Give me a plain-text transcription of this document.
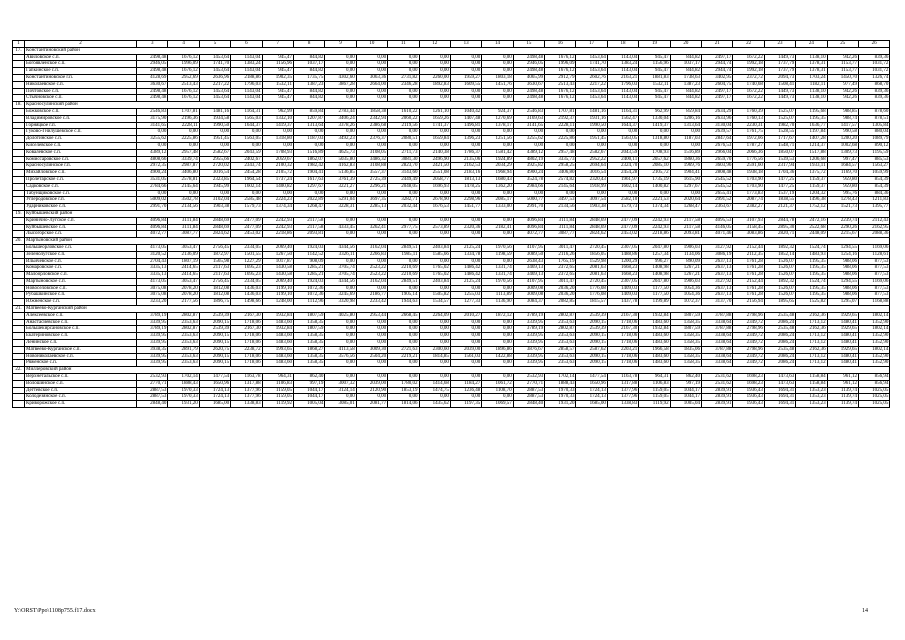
1	2	3	4	5	6	7	8	9	10	11	12	13	14	15	16	17	18	19	20	21	22	23	24	25	26
17.	Константиновский район																								
	Авиловское с.п.	2498,48	1676,12	1453,64	1143,04	945,47	844,82	0,00	0,00	0,00	0,00	0,00	0,00	2498,48	1676,12	1453,64	1143,04	945,47	844,82	2497,17	1672,22	1449,73	1138,10	942,26	839,36
	Богоявленское с.п.	2946,05	1996,09	1741,70	1383,24	1156,96	1037,17	0,00	0,00	0,00	0,00	0,00	0,00	2946,05	1996,09	1741,70	1383,24	1156,96	1037,17	2944,74	1992,18	1737,79	1378,31	1153,77	1031,72
	Гапкинское с.п.	2498,48	1676,12	1453,64	1143,04	945,47	844,82	0,00	0,00	0,00	0,00	0,00	0,00	2498,48	1676,12	1453,64	1143,04	945,47	844,82	2944,74	1992,18	1737,79	1378,31	1153,77	1031,72
	Константиновское г.п.	4128,69	2952,69	2636,96	2188,86	1902,35	1735,75	4302,60	3063,36	2731,82	2260,00	1959,27	1803,18	4065,99	2912,79	2602,76	2163,21	1881,83	1738,63	3402,95	2372,72	2094,73	1703,24	1450,70	1326,74
	Николаевское с.п.	3630,67	2513,43	2217,22	1796,03	1532,11	1387,23	3867,28	2664,00	2346,28	1892,83	1609,55	1451,76	3630,67	2513,43	2217,22	1796,03	1532,11	1387,23	2604,75	1740,68	1508,41	1182,11	977,49	868,70
	Почтовское с.п.	2498,48	1676,12	1453,64	1143,04	945,47	844,82	0,00	0,00	0,00	0,00	0,00	0,00	2498,48	1676,12	1453,64	1143,04	945,47	844,82	2497,17	1672,22	1449,73	1138,10	942,26	839,36
	Стычновское с.п.	2498,48	1676,12	1453,64	1143,04	945,47	844,82	0,00	0,00	0,00	0,00	0,00	0,00	2498,48	1676,12	1453,64	1143,04	945,47	844,82	2497,17	1672,22	1449,73	1138,10	942,26	839,36
18.	Красносулинский район																								
	Божковское с.п.	2546,83	1707,81	1481,16	1164,31	962,99	859,84	2783,44	1858,38	1610,22	1261,10	1040,42	924,37	2546,83	1707,81	1481,16	1164,31	962,99	859,84	2634,29	1760,39	1525,07	1195,68	988,85	878,60
	Владимировское с.п.	3175,90	2196,36	1934,58	1565,03	1332,10	1207,87	3406,24	2342,94	2060,22	1659,26	1407,48	1270,69	3169,63	2192,37	1931,16	1562,47	1330,04	1206,16	2633,96	1760,13	1525,07	1195,35	988,74	878,51
	Горняцкое г.п.	3141,65	2228,11	1990,50	1644,37	1419,37	1313,64	3378,26	2386,68	2119,56	1741,37	1496,81	1378,17	3141,65	2228,11	1990,50	1644,37	1419,37	1313,64	3130,04	2230,31	1982,70	1636,77	1417,57	1305,84
	Гуково-Гнилушевское с.п.	0,00	0,00	0,00	0,00	0,00	0,00	0,00	0,00	0,00	0,00	0,00	0,00	0,00	0,00	0,00	0,00	0,00	0,00	2639,57	1761,75	1528,55	1197,84	990,58	880,04
	Долотинское с.п.	3255,62	2225,86	1951,45	1563,05	1318,80	1187,03	3492,23	2376,37	2080,51	1659,84	1396,23	1251,56	3255,62	2225,86	1951,45	1563,05	1318,80	1187,03	2847,64	1972,66	1717,67	1407,28	1200,20	1089,79
	Киселевское с.п.	0,00	0,00	0,00	0,00	0,00	0,00	0,00	0,00	0,00	0,00	0,00	0,00	0,00	0,00	0,00	0,00	0,00	0,00	2676,53	1787,27	1548,71	1214,37	1002,68	890,12
	Ковалевское с.п.	4389,12	2957,48	2582,67	2043,59	1708,93	1516,89	4625,73	3108,05	2711,73	2140,38	1786,37	1581,42	4389,12	2957,48	2582,67	2043,59	1708,93	1516,89	2966,04	2066,36	1850,07	1517,88	1309,73	1195,59
	Комиссаровское с.п.	4808,66	3339,74	2955,66	2402,67	2059,67	1862,07	5035,80	3486,32	3081,30	2496,90	2135,06	1924,89	4802,19	3335,73	2952,22	2400,11	2057,62	1860,36	2659,70	1776,56	1539,53	1206,68	997,47	885,53
	Красносулинское г.п.	2972,35	2987,87	2720,02	2343,74	2100,32	1982,42	4162,83	3108,88	2823,70	2421,50	2162,53	2034,29	3925,82	2958,25	2694,64	2324,70	2085,10	1969,76	3603,96	2591,60	2317,94	1933,11	1684,57	1563,27
	Михайловское с.п.	4900,24	3406,80	3016,54	2454,28	2105,72	1904,41	5136,85	3557,37	3143,60	2551,08	2183,16	1968,94	4900,24	3406,80	3016,54	2454,28	2105,72	1904,41	2808,48	1938,18	1704,36	1375,72	1169,70	1059,99
	Пролетарское с.п.	3531,05	2578,81	2323,85	1964,54	1737,24	1617,63	3761,39	2725,39	2449,49	2058,77	1813,13	1680,43	3524,78	2574,82	2320,43	1961,97	1735,19	1615,90	2545,52	1703,90	1477,25	1159,37	959,80	854,39
	Садковское с.п.	2784,66	2145,64	1945,99	1602,14	1400,82	1297,67	3221,27	2296,21	2048,05	1696,93	1478,25	1362,20	2984,66	2145,64	1918,99	1602,14	1400,82	1297,67	2545,52	1703,90	1477,25	1159,37	959,80	854,39
	Табунщиковское с.п.	0,00	0,00	0,00	0,00	0,00	0,00	0,00	0,00	0,00	0,00	0,00	0,00	0,00	0,00	0,00	0,00	0,00	0,00	2655,41	1773,83	1537,19	1204,32	995,76	884,36
	Углеродовское г.п.	5009,02	3502,78	3102,04	2585,48	2224,23	2022,89	5291,04	3697,35	3282,71	2678,90	2298,96	2085,17	5000,77	3497,53	3097,54	2582,10	2221,53	2020,64	2991,52	2087,74	1838,55	1496,38	1278,43	1211,83
	Ударниковское с.п.	2991,70	2134,56	1903,38	1579,73	1374,34	1268,47	3228,31	2285,13	2032,44	1676,53	1451,77	1333,00	2991,70	2134,56	1903,38	1579,73	1374,34	1268,47	2363,67	2382,27	2121,37	1752,12	1521,73	1395,77
19.	Куйбышевский район																								
	Кринично-Лугское с.п.	4096,84	3111,84	2848,69	2477,09	2242,93	2117,58	0,00	0,00	0,00	0,00	0,00	0,00	4096,84	3111,84	2848,69	2477,09	2242,93	2117,58	4095,53	3107,93	2844,78	2472,16	2239,74	2112,43
	Куйбышевское с.п.	4096,84	3111,84	2848,69	2477,09	2242,93	2117,58	4333,45	3262,41	2977,75	2573,89	2320,36	2182,41	4096,84	3111,84	2848,69	2477,09	2242,93	2117,58	4146,05	3158,45	2895,30	2522,68	2290,26	2162,95
	Лысогорское с.п.	4072,77	3087,77	2824,62	2453,02	2218,86	2093,81	0,00	0,00	0,00	0,00	0,00	0,00	4072,77	3087,77	2824,62	2453,02	2218,86	2093,81	4071,46	3083,86	2820,71	2448,09	2215,67	2088,36
20.	Мартыновский район																								
	Большеорловское с.п.	4173,05	3053,47	2756,45	2334,05	2069,40	1924,03	4344,56	3162,04	2849,51	2403,84	2125,24	1970,56	4107,95	3011,47	2720,45	2307,05	2047,80	1906,03	3127,92	2152,44	1892,32	1524,74	1294,55	1169,06
	Зеленолугское с.п.	3120,52	2136,09	1872,97	1501,55	1267,50	1142,52	3326,11	2266,83	1985,11	1585,66	1334,78	1198,59	3089,50	2116,26	1856,05	1488,86	1257,34	1134,06	3086,19	2112,35	1852,14	1483,93	1254,16	1128,61
	Ильичевское с.п.	2704,43	1807,19	1565,98	1227,29	1017,87	908,09	0,00	0,00	0,00	0,00	0,00	0,00	2638,43	1765,19	1529,98	1200,29	996,27	890,09	2637,13	1761,28	1526,07	1195,35	988,06	877,53
	Комаровское с.п.	3335,13	2414,65	2117,63	1695,23	1430,58	1285,21	3705,74	2523,22	2210,69	1765,02	1486,42	1331,74	3469,13	2372,65	2081,63	1668,23	1408,98	1267,21	2637,13	1761,28	1526,07	1195,35	988,06	877,53
	Малоорловское с.п.	3335,13	2414,65	2117,63	1695,23	1430,58	1285,21	3705,74	2523,22	2210,69	1765,02	1486,42	1331,74	3469,13	2372,65	2081,63	1668,23	1408,98	1267,21	2637,13	1761,28	1526,07	1195,35	988,06	877,53
	Мартыновское с.п.	4173,05	3053,47	2756,45	2334,05	2069,40	1924,03	4344,56	3162,04	2849,51	2403,84	2125,24	1970,56	4107,95	3011,47	2720,45	2307,05	2047,80	1906,03	3127,92	2152,44	1892,32	1524,74	1294,55	1169,06
	Новоселовское с.п.	3075,08	2078,20	1812,08	1436,03	1199,10	1072,36	0,00	0,00	0,00	0,00	0,00	0,00	3009,08	2036,20	1776,08	1409,03	1177,50	1054,36	2637,13	1761,28	1526,07	1195,35	988,06	877,53
	Рубашкинское с.п.	3075,08	2078,20	1812,08	1436,03	1199,10	1072,36	3245,69	2186,77	1905,14	1505,82	1255,03	1113,89	3009,08	2036,20	1776,08	1409,03	1177,50	1054,36	2637,13	1761,28	1526,07	1195,35	988,06	877,53
	Южненское с.п.	3233,20	2177,56	1896,75	1498,66	1248,00	1112,96	3320,98	2233,42	1944,63	1534,57	1277,33	1136,90	3084,37	2082,85	1815,57	1437,78	1199,89	1072,37	3137,70	2156,94	1895,65	1525,82	1295,07	1168,88
21.	Матвеево-Курганский район																								
	Алексеевское с.п.	3789,19	2802,87	2539,39	2167,30	1932,84	1807,59	4025,80	2953,44	2668,45	2264,09	2010,27	1872,12	3789,19	2802,87	2539,39	2167,30	1932,84	1807,59	3787,88	2798,96	2535,48	2162,36	1929,65	1802,14
	Анастасиевское с.п.	3339,95	2353,63	2090,15	1718,06	1483,60	1358,35	0,00	0,00	0,00	0,00	0,00	0,00	3339,95	2353,63	2090,15	1718,06	1483,60	1358,35	3338,64	2349,72	2086,24	1713,12	1480,41	1352,90
	Большекирсановское с.п.	3789,19	2802,87	2539,39	2167,30	1932,84	1807,59	0,00	0,00	0,00	0,00	0,00	0,00	3789,19	2802,87	2539,39	2167,30	1932,84	1807,59	3787,88	2798,96	2535,48	2162,36	1929,65	1802,14
	Екатериновское с.п.	3339,95	2353,63	2090,15	1718,06	1483,60	1358,35	0,00	0,00	0,00	0,00	0,00	0,00	3339,95	2353,63	2090,15	1718,06	1483,60	1358,35	3338,64	2349,72	2086,24	1713,12	1480,41	1352,90
	Ленинское с.п.	3339,95	2353,63	2090,15	1718,06	1483,60	1358,35	0,00	0,00	0,00	0,00	0,00	0,00	3339,95	2353,63	2090,15	1718,06	1483,60	1358,35	3338,64	2349,72	2086,24	1713,12	1480,41	1352,90
	Матвеево-Курганское с.п.	3938,35	2891,79	2620,75	2238,72	1993,65	1868,27	4113,58	3009,30	2721,63	2300,60	2039,00	1896,86	3876,67	2858,57	2587,62	2203,21	1966,58	1835,06	3787,88	2798,96	2535,48	2162,36	1929,65	1802,14
	Новониколаевское с.п.	3339,95	2353,63	2090,15	1718,06	1483,60	1358,35	3576,56	2504,20	2219,21	1814,85	1561,03	1422,88	3339,95	2353,63	2090,15	1718,06	1483,60	1358,35	3338,64	2349,72	2086,24	1713,12	1480,41	1352,90
	Ряженское с.п.	3339,95	2353,63	2090,15	1718,06	1483,60	1358,35	0,00	0,00	0,00	0,00	0,00	0,00	3339,95	2353,63	2090,15	1718,06	1483,60	1358,35	3338,64	2349,72	2086,24	1713,12	1480,41	1352,90
22.	Миллеровский район																								
	Верхнетальское с.п.	2532,93	1702,14	1477,54	1163,78	964,31	862,40	0,00	0,00	0,00	0,00	0,00	0,00	2532,93	1702,14	1477,54	1163,78	964,31	862,40	2531,62	1698,23	1473,63	1158,84	961,12	856,94
	Волошинское с.п.	2770,71	1888,43	1650,96	1317,88	1106,83	997,19	3007,32	2039,00	1780,02	1414,68	1184,27	1061,72	2770,71	1888,43	1650,96	1317,88	1106,83	997,19	2531,62	1698,23	1473,63	1158,84	961,12	856,94
	Дегтевское с.п.	2887,53	1970,33	1724,13	1377,96	1159,05	1044,17	3124,14	2120,90	1853,19	1474,75	1236,48	1108,70	2887,53	1970,33	1724,13	1377,96	1159,05	1044,17	2839,91	1936,43	1694,31	1353,23	1139,74	1025,05
	Колодезянское с.п.	2887,53	1970,33	1724,13	1377,96	1159,05	1044,17	0,00	0,00	0,00	0,00	0,00	0,00	2887,53	1970,33	1724,13	1377,96	1159,05	1044,17	2839,91	1936,43	1694,31	1353,23	1139,74	1025,05
	Криворожское с.п.	2848,40	1931,20	1685,00	1338,83	1119,92	1005,04	3085,01	2081,77	1814,06	1435,62	1197,35	1069,57	2848,40	1931,20	1685,00	1338,83	1119,92	1005,04	2839,91	1936,43	1694,31	1353,23	1139,74	1025,05
Y:\ORST\Ppo\1108p755.f17.docx	14
